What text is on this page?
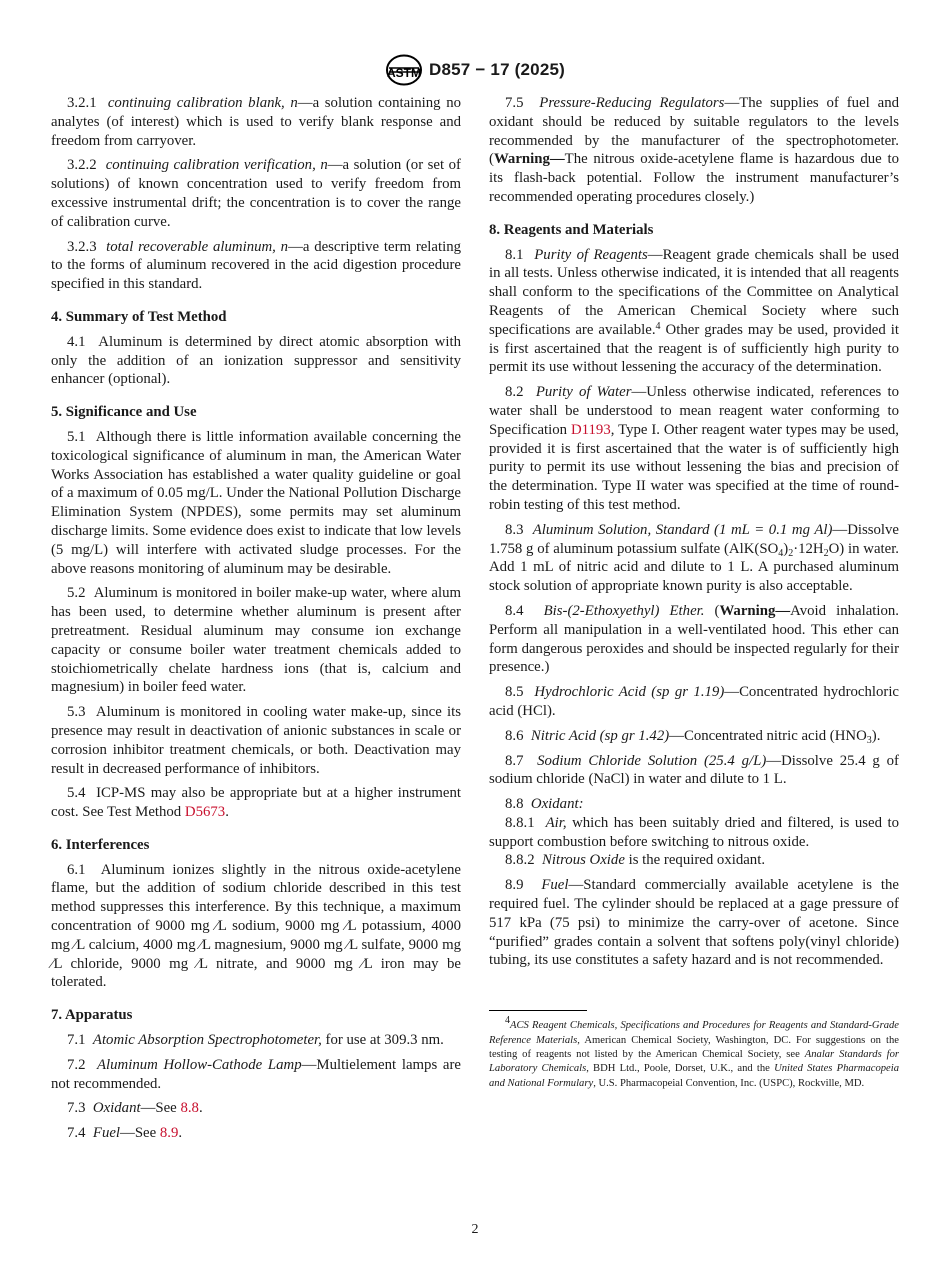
ASTM D857 − 17 (2025)

3.2.1 continuing calibration blank, n—a solution containing no analytes (of interest) which is used to verify blank response and freedom from carryover.

3.2.2 continuing calibration verification, n—a solution (or set of solutions) of known concentration used to verify freedom from excessive instrumental drift; the concentration is to cover the range of calibration curve.

3.2.3 total recoverable aluminum, n—a descriptive term relating to the forms of aluminum recovered in the acid digestion procedure specified in this standard.

4. Summary of Test Method

4.1 Aluminum is determined by direct atomic absorption with only the addition of an ionization suppressor and sensitivity enhancer (optional).

5. Significance and Use

5.1 Although there is little information available concerning the toxicological significance of aluminum in man, the American Water Works Association has established a water quality guideline or goal of a maximum of 0.05 mg/L. Under the National Pollution Discharge Elimination System (NPDES), some permits may set aluminum discharge limits. Some evidence does exist to indicate that low levels (5 mg/L) will interfere with activated sludge processes. For the above reasons monitoring of aluminum may be desirable.

5.2 Aluminum is monitored in boiler make-up water, where alum has been used, to determine whether aluminum is present after pretreatment. Residual aluminum may consume ion exchange capacity or consume boiler water treatment chemicals added to stoichiometrically chelate hardness ions (that is, calcium and magnesium) in boiler feed water.

5.3 Aluminum is monitored in cooling water make-up, since its presence may result in deactivation of anionic substances in scale or corrosion inhibitor treatment chemicals, or both. Deactivation may result in decreased performance of inhibitors.

5.4 ICP-MS may also be appropriate but at a higher instrument cost. See Test Method D5673.

6. Interferences

6.1 Aluminum ionizes slightly in the nitrous oxide-acetylene flame, but the addition of sodium chloride described in this test method suppresses this interference. By this technique, a maximum concentration of 9000 mg ⁄L sodium, 9000 mg ⁄L potassium, 4000 mg ⁄L calcium, 4000 mg ⁄L magnesium, 9000 mg ⁄L sulfate, 9000 mg ⁄L chloride, 9000 mg ⁄L nitrate, and 9000 mg ⁄L iron may be tolerated.

7. Apparatus

7.1 Atomic Absorption Spectrophotometer, for use at 309.3 nm.

7.2 Aluminum Hollow-Cathode Lamp—Multielement lamps are not recommended.

7.3 Oxidant—See 8.8.

7.4 Fuel—See 8.9.

7.5 Pressure-Reducing Regulators—The supplies of fuel and oxidant should be reduced by suitable regulators to the levels recommended by the manufacturer of the spectrophotometer. (Warning—The nitrous oxide-acetylene flame is hazardous due to its flash-back potential. Follow the instrument manufacturer’s recommended operating procedures closely.)

8. Reagents and Materials

8.1 Purity of Reagents—Reagent grade chemicals shall be used in all tests. Unless otherwise indicated, it is intended that all reagents shall conform to the specifications of the Committee on Analytical Reagents of the American Chemical Society where such specifications are available.$^4$ Other grades may be used, provided it is first ascertained that the reagent is of sufficiently high purity to permit its use without lessening the accuracy of the determination.

8.2 Purity of Water—Unless otherwise indicated, references to water shall be understood to mean reagent water conforming to Specification D1193, Type I. Other reagent water types may be used, provided it is first ascertained that the water is of sufficiently high purity to permit its use without lessening the bias and precision of the determination. Type II water was specified at the time of round-robin testing of this test method.

8.3 Aluminum Solution, Standard (1 mL = 0.1 mg Al)—Dissolve 1.758 g of aluminum potassium sulfate $(AlK(SO_4)_2\cdot 12H_2O)$ in water. Add 1 mL of nitric acid and dilute to 1 L. A purchased aluminum stock solution of appropriate known purity is also acceptable.

8.4 Bis-(2-Ethoxyethyl) Ether. (Warning—Avoid inhalation. Perform all manipulation in a well-ventilated hood. This ether can form dangerous peroxides and should be inspected regularly for their presence.)

8.5 Hydrochloric Acid (sp gr 1.19)—Concentrated hydrochloric acid (HCl).

8.6 Nitric Acid (sp gr 1.42)—Concentrated nitric acid $(HNO_3)$.

8.7 Sodium Chloride Solution (25.4 g/L)—Dissolve 25.4 g of sodium chloride (NaCl) in water and dilute to 1 L.

8.8 Oxidant:

8.8.1 Air, which has been suitably dried and filtered, is used to support combustion before switching to nitrous oxide.

8.8.2 Nitrous Oxide is the required oxidant.

8.9 Fuel—Standard commercially available acetylene is the required fuel. The cylinder should be replaced at a gage pressure of 517 kPa (75 psi) to minimize the carry-over of acetone. Since “purified” grades contain a solvent that softens poly(vinyl chloride) tubing, its use constitutes a safety hazard and is not recommended.

$^4$ACS Reagent Chemicals, Specifications and Procedures for Reagents and Standard-Grade Reference Materials, American Chemical Society, Washington, DC. For suggestions on the testing of reagents not listed by the American Chemical Society, see Analar Standards for Laboratory Chemicals, BDH Ltd., Poole, Dorset, U.K., and the United States Pharmacopeia and National Formulary, U.S. Pharmacopeial Convention, Inc. (USPC), Rockville, MD.

2
